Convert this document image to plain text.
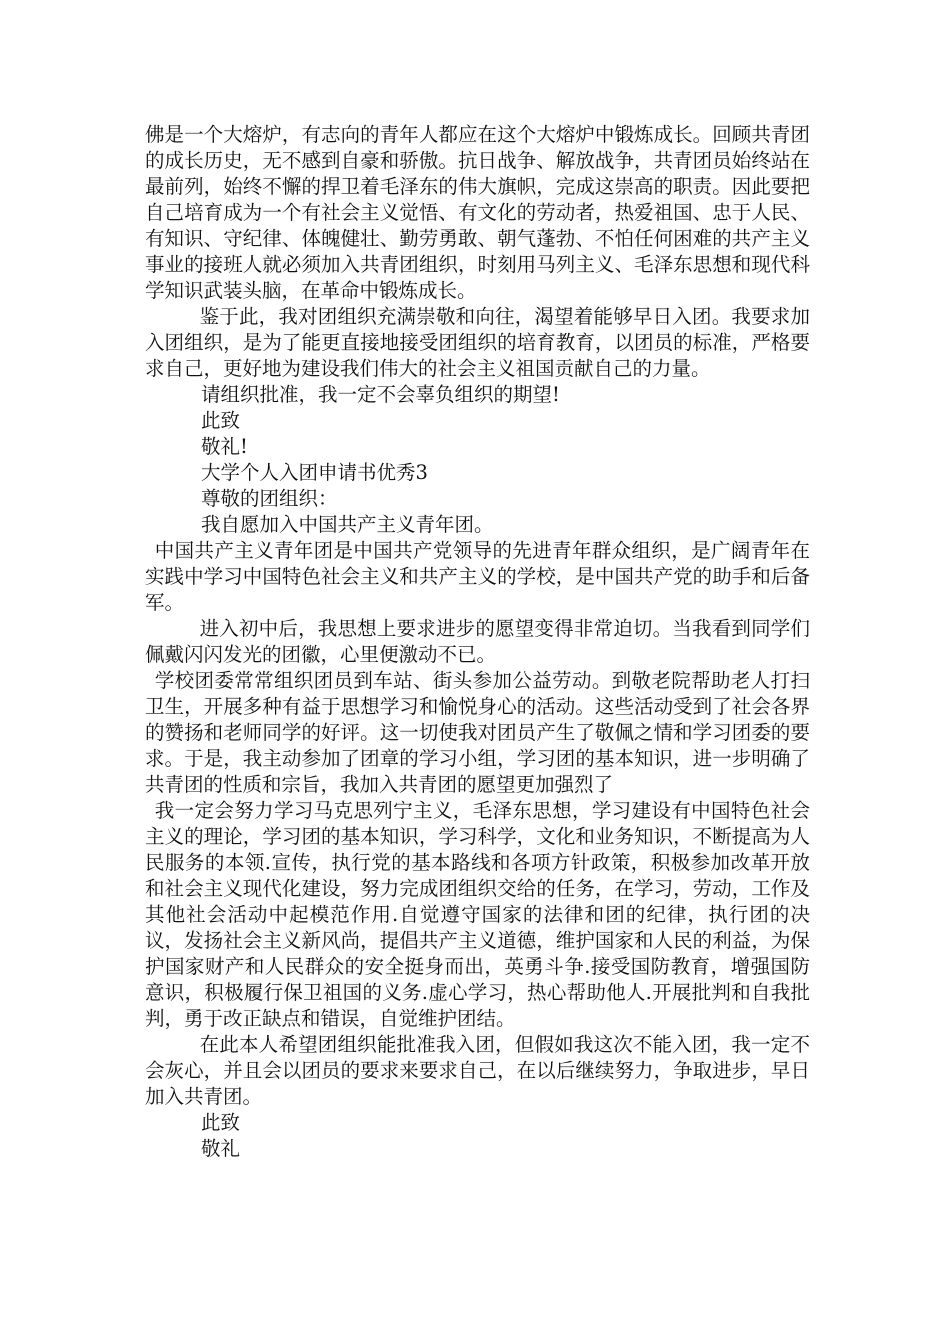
佛是一个大熔炉，有志向的青年人都应在这个大熔炉中锻炼成长。回顾共青团的成长历史，无不感到自豪和骄傲。抗日战争、解放战争，共青团员始终站在最前列，始终不懈的捍卫着毛泽东的伟大旗帜，完成这崇高的职责。因此要把自己培育成为一个有社会主义觉悟、有文化的劳动者，热爱祖国、忠于人民、有知识、守纪律、体魄健壮、勤劳勇敢、朝气蓬勃、不怕任何困难的共产主义事业的接班人就必须加入共青团组织，时刻用马列主义、毛泽东思想和现代科学知识武装头脑，在革命中锻炼成长。

鉴于此，我对团组织充满崇敬和向往，渴望着能够早日入团。我要求加入团组织，是为了能更直接地接受团组织的培育教育，以团员的标准，严格要求自己，更好地为建设我们伟大的社会主义祖国贡献自己的力量。

请组织批准，我一定不会辜负组织的期望!

此致

敬礼!

大学个人入团申请书优秀3

尊敬的团组织：

我自愿加入中国共产主义青年团。

中国共产主义青年团是中国共产党领导的先进青年群众组织，是广阔青年在实践中学习中国特色社会主义和共产主义的学校，是中国共产党的助手和后备军。

进入初中后，我思想上要求进步的愿望变得非常迫切。当我看到同学们佩戴闪闪发光的团徽，心里便激动不已。

学校团委常常组织团员到车站、街头参加公益劳动。到敬老院帮助老人打扫卫生，开展多种有益于思想学习和愉悦身心的活动。这些活动受到了社会各界的赞扬和老师同学的好评。这一切使我对团员产生了敬佩之情和学习团委的要求。于是，我主动参加了团章的学习小组，学习团的基本知识，进一步明确了共青团的性质和宗旨，我加入共青团的愿望更加强烈了

我一定会努力学习马克思列宁主义，毛泽东思想，学习建设有中国特色社会主义的理论，学习团的基本知识，学习科学，文化和业务知识，不断提高为人民服务的本领.宣传，执行党的基本路线和各项方针政策，积极参加改革开放和社会主义现代化建设，努力完成团组织交给的任务，在学习，劳动，工作及其他社会活动中起模范作用.自觉遵守国家的法律和团的纪律，执行团的决议，发扬社会主义新风尚，提倡共产主义道德，维护国家和人民的利益，为保护国家财产和人民群众的安全挺身而出，英勇斗争.接受国防教育，增强国防意识，积极履行保卫祖国的义务.虚心学习，热心帮助他人.开展批判和自我批判，勇于改正缺点和错误，自觉维护团结。

在此本人希望团组织能批准我入团，但假如我这次不能入团，我一定不会灰心，并且会以团员的要求来要求自己，在以后继续努力，争取进步，早日加入共青团。

此致

敬礼
